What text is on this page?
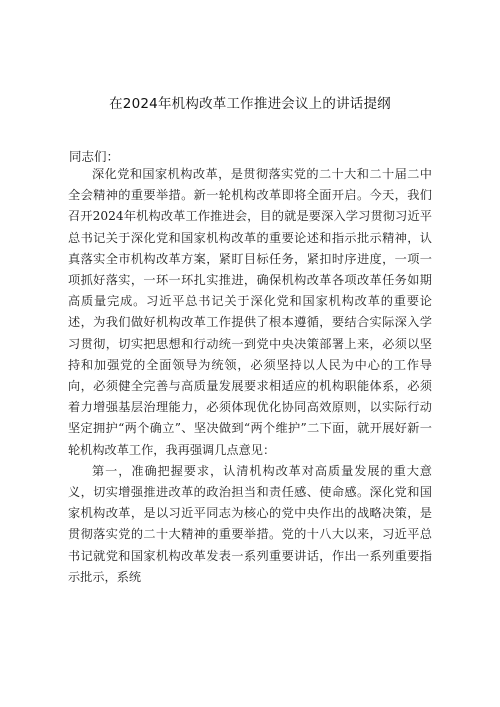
在2024年机构改革工作推进会议上的讲话提纲
同志们：

深化党和国家机构改革，是贯彻落实党的二十大和二十届二中全会精神的重要举措。新一轮机构改革即将全面开启。今天，我们召开2024年机构改革工作推进会，目的就是要深入学习贯彻习近平总书记关于深化党和国家机构改革的重要论述和指示批示精神，认真落实全市机构改革方案，紧盯目标任务，紧扣时序进度，一项一项抓好落实，一环一环扎实推进，确保机构改革各项改革任务如期高质量完成。习近平总书记关于深化党和国家机构改革的重要论述，为我们做好机构改革工作提供了根本遵循，要结合实际深入学习贯彻，切实把思想和行动统一到党中央决策部署上来，必须以坚持和加强党的全面领导为统领，必须坚持以人民为中心的工作导向，必须健全完善与高质量发展要求相适应的机构职能体系，必须着力增强基层治理能力，必须体现优化协同高效原则，以实际行动坚定拥护“两个确立”、坚决做到“两个维护”二下面，就开展好新一轮机构改革工作，我再强调几点意见：

第一，准确把握要求，认清机构改革对高质量发展的重大意义，切实增强推进改革的政治担当和责任感、使命感。深化党和国家机构改革，是以习近平同志为核心的党中央作出的战略决策，是贯彻落实党的二十大精神的重要举措。党的十八大以来，习近平总书记就党和国家机构改革发表一系列重要讲话，作出一系列重要指示批示，系统
